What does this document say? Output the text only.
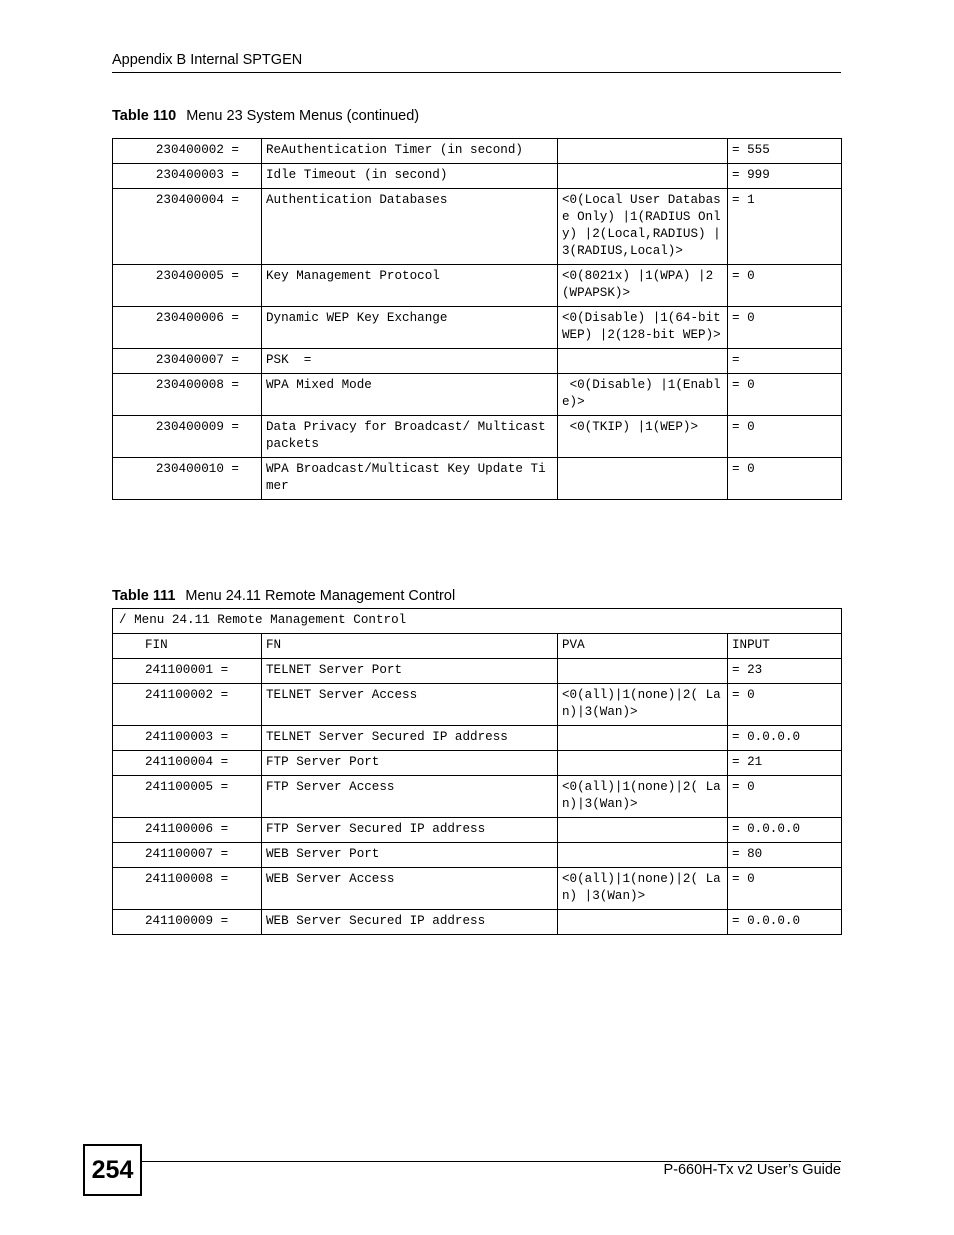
Appendix B Internal SPTGEN
Table 110 Menu 23 System Menus (continued)
230400002 =	ReAuthentication Timer (in second)		= 555
230400003 =	Idle Timeout (in second)		= 999
230400004 =	Authentication Databases	<0(Local User Database Only) |1(RADIUS Only) |2(Local,RADIUS) |3(RADIUS,Local)>	= 1
230400005 =	Key Management Protocol	<0(8021x) |1(WPA) |2(WPAPSK)>	= 0
230400006 =	Dynamic WEP Key Exchange	<0(Disable) |1(64-bit WEP) |2(128-bit WEP)>	= 0
230400007 =	PSK  =		=
230400008 =	WPA Mixed Mode	<0(Disable) |1(Enable)>	= 0
230400009 =	Data Privacy for Broadcast/ Multicast packets	<0(TKIP) |1(WEP)>	= 0
230400010 =	WPA Broadcast/Multicast Key Update Timer		= 0
Table 111 Menu 24.11 Remote Management Control
/ Menu 24.11 Remote Management Control			
FIN	FN	PVA	INPUT
241100001 =	TELNET Server Port		= 23
241100002 =	TELNET Server Access	<0(all)|1(none)|2( Lan)|3(Wan)>	= 0
241100003 =	TELNET Server Secured IP address		= 0.0.0.0
241100004 =	FTP Server Port		= 21
241100005 =	FTP Server Access	<0(all)|1(none)|2( Lan)|3(Wan)>	= 0
241100006 =	FTP Server Secured IP address		= 0.0.0.0
241100007 =	WEB Server Port		= 80
241100008 =	WEB Server Access	<0(all)|1(none)|2( Lan) |3(Wan)>	= 0
241100009 =	WEB Server Secured IP address		= 0.0.0.0
254	P-660H-Tx v2 User’s Guide
